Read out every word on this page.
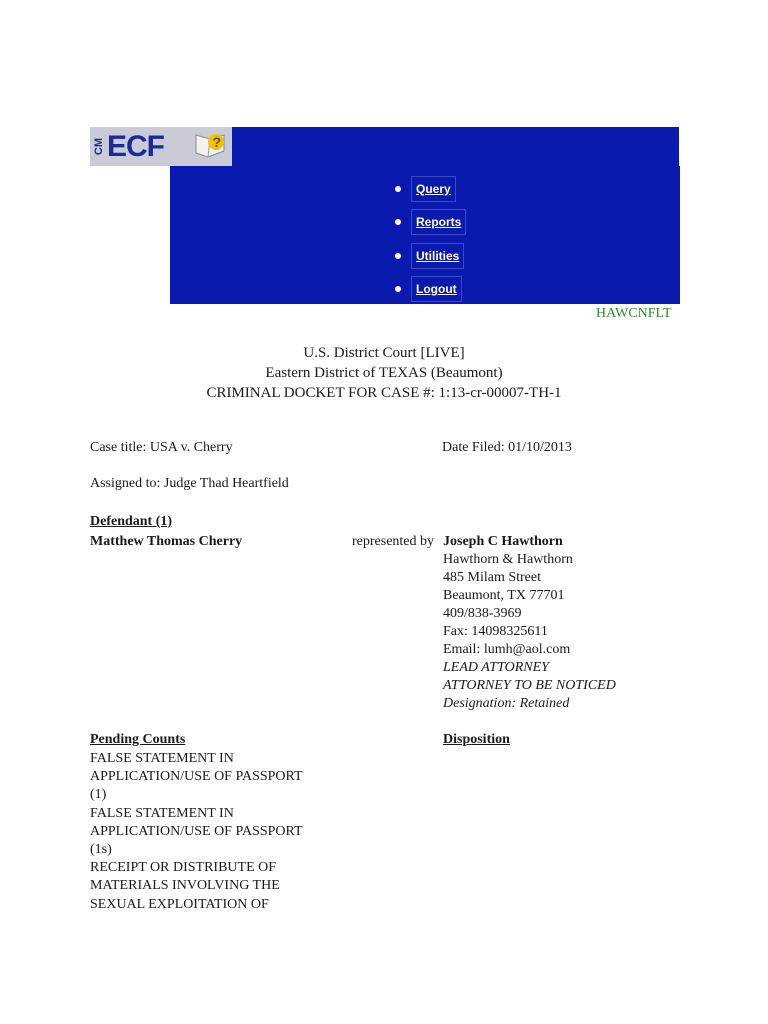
CM ECF	?
Query
Reports
Utilities
Logout
HAWCNFLT
U.S. District Court [LIVE]
Eastern District of TEXAS (Beaumont)
CRIMINAL DOCKET FOR CASE #: 1:13-cr-00007-TH-1
Case title: USA v. Cherry	Date Filed: 01/10/2013
Assigned to: Judge Thad Heartfield
Defendant (1)
Matthew Thomas Cherry	represented by Joseph C Hawthorn
Hawthorn & Hawthorn
485 Milam Street
Beaumont, TX 77701
409/838-3969
Fax: 14098325611
Email: lumh@aol.com
LEAD ATTORNEY
ATTORNEY TO BE NOTICED
Designation: Retained
Pending Counts	Disposition
FALSE STATEMENT IN
APPLICATION/USE OF PASSPORT
(1)
FALSE STATEMENT IN
APPLICATION/USE OF PASSPORT
(1s)
RECEIPT OR DISTRIBUTE OF
MATERIALS INVOLVING THE
SEXUAL EXPLOITATION OF
